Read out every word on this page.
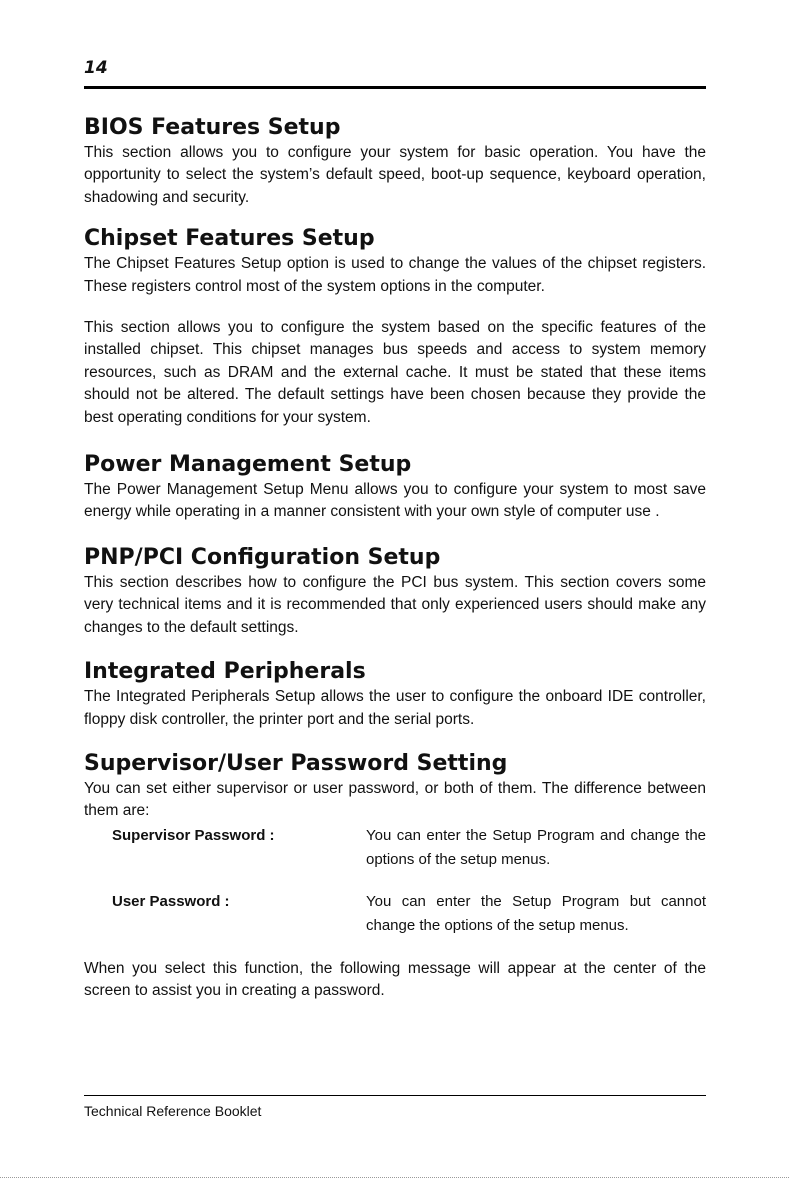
14
BIOS Features Setup

This section allows you to configure your system for basic operation. You have the opportunity to select the system’s default speed, boot-up sequence, keyboard operation, shadowing and security.

Chipset Features Setup

The Chipset Features Setup option is used to change the values of the chipset registers. These registers control most of the system options in the computer.

This section allows you to configure the system based on the specific features of the installed chipset. This chipset manages bus speeds and access to system memory resources, such as DRAM and the external cache. It must be stated that these items should not be altered. The default settings have been chosen because they provide the best operating conditions for your system.

Power Management Setup

The Power Management Setup Menu allows you to configure your system to most save energy while operating in a manner consistent with your own style of computer use .

PNP/PCI Configuration Setup

This section describes how to configure the PCI bus system. This section covers some very technical items and it is recommended that only experienced users should make any changes to the default settings.

Integrated Peripherals

The Integrated Peripherals Setup allows the user to configure the onboard IDE controller, floppy disk controller, the printer port and the serial ports.

Supervisor/User Password Setting

You can set either supervisor or user password, or both of them. The difference between them are:

Supervisor Password :	You can enter the Setup Program and change the options of the setup menus.
User Password :	You can enter the Setup Program but cannot change the options of the setup menus.

When you select this function, the following message will appear at the center of the screen to assist you in creating a password.

Technical Reference Booklet
